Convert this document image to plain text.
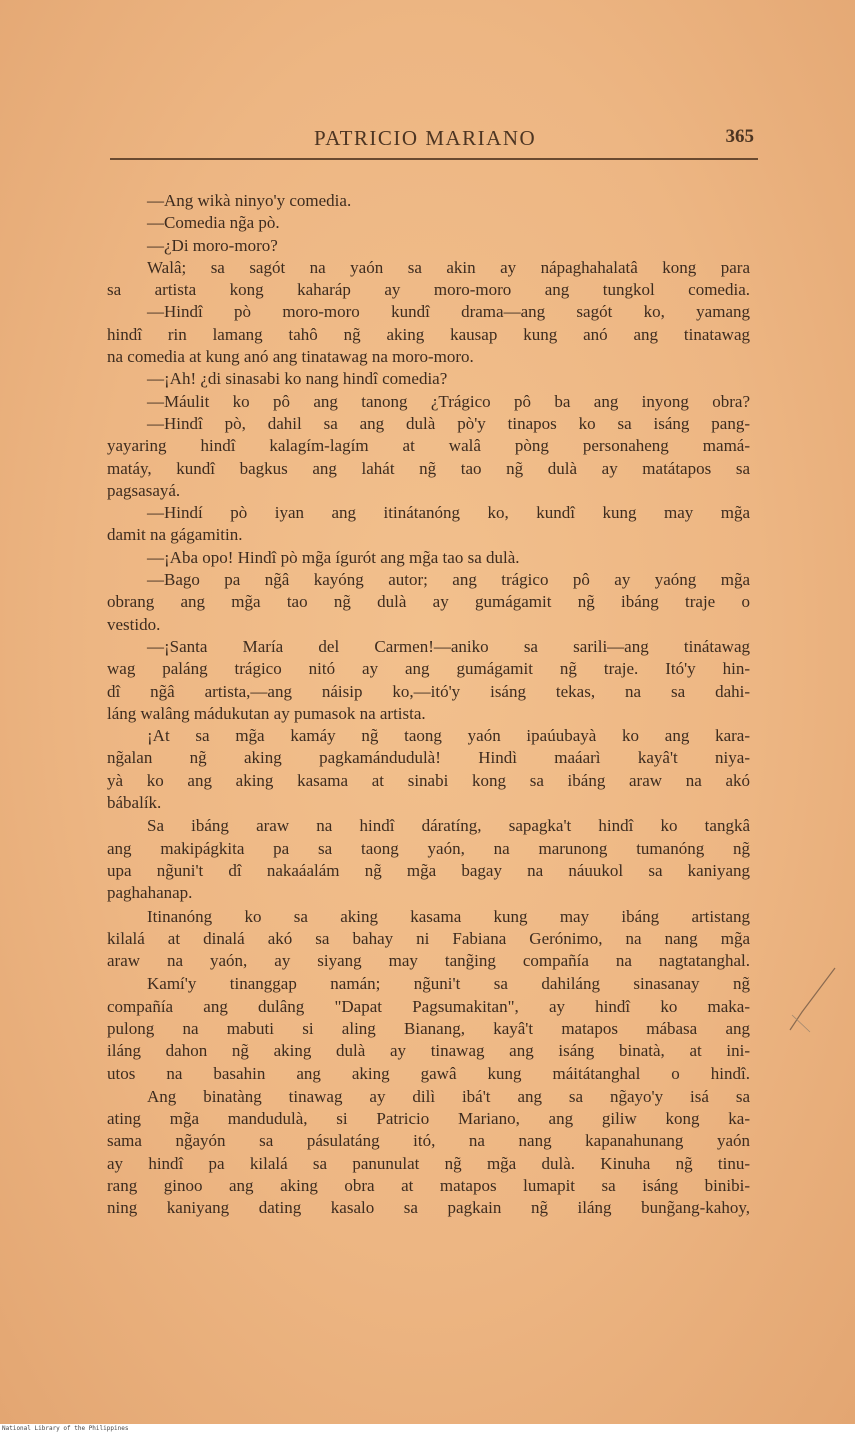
PATRICIO MARIANO	365
—Ang wikà ninyo'y comedia.
—Comedia ng̃a pò.
—¿Di moro-moro?
Walâ; sa sagót na yaón sa akin ay nápaghahalatâ kong para
sa artista kong kaharáp ay moro-moro ang tungkol comedia.
—Hindî pò moro-moro kundî drama—ang sagót ko, yamang
hindî rin lamang tahô ng̃ aking kausap kung anó ang tinatawag
na comedia at kung anó ang tinatawag na moro-moro.
—¡Ah! ¿di sinasabi ko nang hindî comedia?
—Máulit ko pô ang tanong ¿Trágico pô ba ang inyong obra?
—Hindî pò, dahil sa ang dulà pò'y tinapos ko sa isáng pang-
yayaring hindî kalagím-lagím at walâ pòng personaheng mamá-
matáy, kundî bagkus ang lahát ng̃ tao ng̃ dulà ay matátapos sa
pagsasayá.
—Hindí pò iyan ang itinátanóng ko, kundî kung may mg̃a
damit na gágamitin.
—¡Aba opo! Hindî pò mg̃a ígurót ang mg̃a tao sa dulà.
—Bago pa ng̃â kayóng autor; ang trágico pô ay yaóng mg̃a
obrang ang mg̃a tao ng̃ dulà ay gumágamit ng̃ ibáng traje o
vestido.
—¡Santa María del Carmen!—aniko sa sarili—ang tinátawag
wag paláng trágico nitó ay ang gumágamit ng̃ traje. Itó'y hin-
dî ng̃â artista,—ang náisip ko,—itó'y isáng tekas, na sa dahi-
láng walâng mádukutan ay pumasok na artista.
¡At sa mg̃a kamáy ng̃ taong yaón ipaúubayà ko ang kara-
ng̃alan ng̃ aking pagkamándudulà! Hindì maáarì kayâ't niya-
yà ko ang aking kasama at sinabi kong sa ibáng araw na akó
bábalík.
Sa ibáng araw na hindî dáratíng, sapagka't hindî ko tangkâ
ang makipágkita pa sa taong yaón, na marunong tumanóng ng̃
upa ng̃uni't dî nakaáalám ng̃ mg̃a bagay na náuukol sa kaniyang
paghahanap.
Itinanóng ko sa aking kasama kung may ibáng artistang
kilalá at dinalá akó sa bahay ni Fabiana Gerónimo, na nang mg̃a
araw na yaón, ay siyang may tang̃ing compañía na nagtatanghal.
Kamí'y tinanggap namán; ng̃uni't sa dahiláng sinasanay ng̃
compañía ang dulâng "Dapat Pagsumakitan", ay hindî ko maka-
pulong na mabuti si aling Bianang, kayâ't matapos mábasa ang
iláng dahon ng̃ aking dulà ay tinawag ang isáng binatà, at ini-
utos na basahin ang aking gawâ kung máitátanghal o hindî.
Ang binatàng tinawag ay dilì ibá't ang sa ng̃ayo'y isá sa
ating mg̃a mandudulà, si Patricio Mariano, ang giliw kong ka-
sama ng̃ayón sa pásulatáng itó, na nang kapanahunang yaón
ay hindî pa kilalá sa panunulat ng̃ mg̃a dulà. Kinuha ng̃ tinu-
rang ginoo ang aking obra at matapos lumapit sa isáng binibi-
ning kaniyang dating kasalo sa pagkain ng̃ iláng bung̃ang-kahoy,
National Library of the Philippines
